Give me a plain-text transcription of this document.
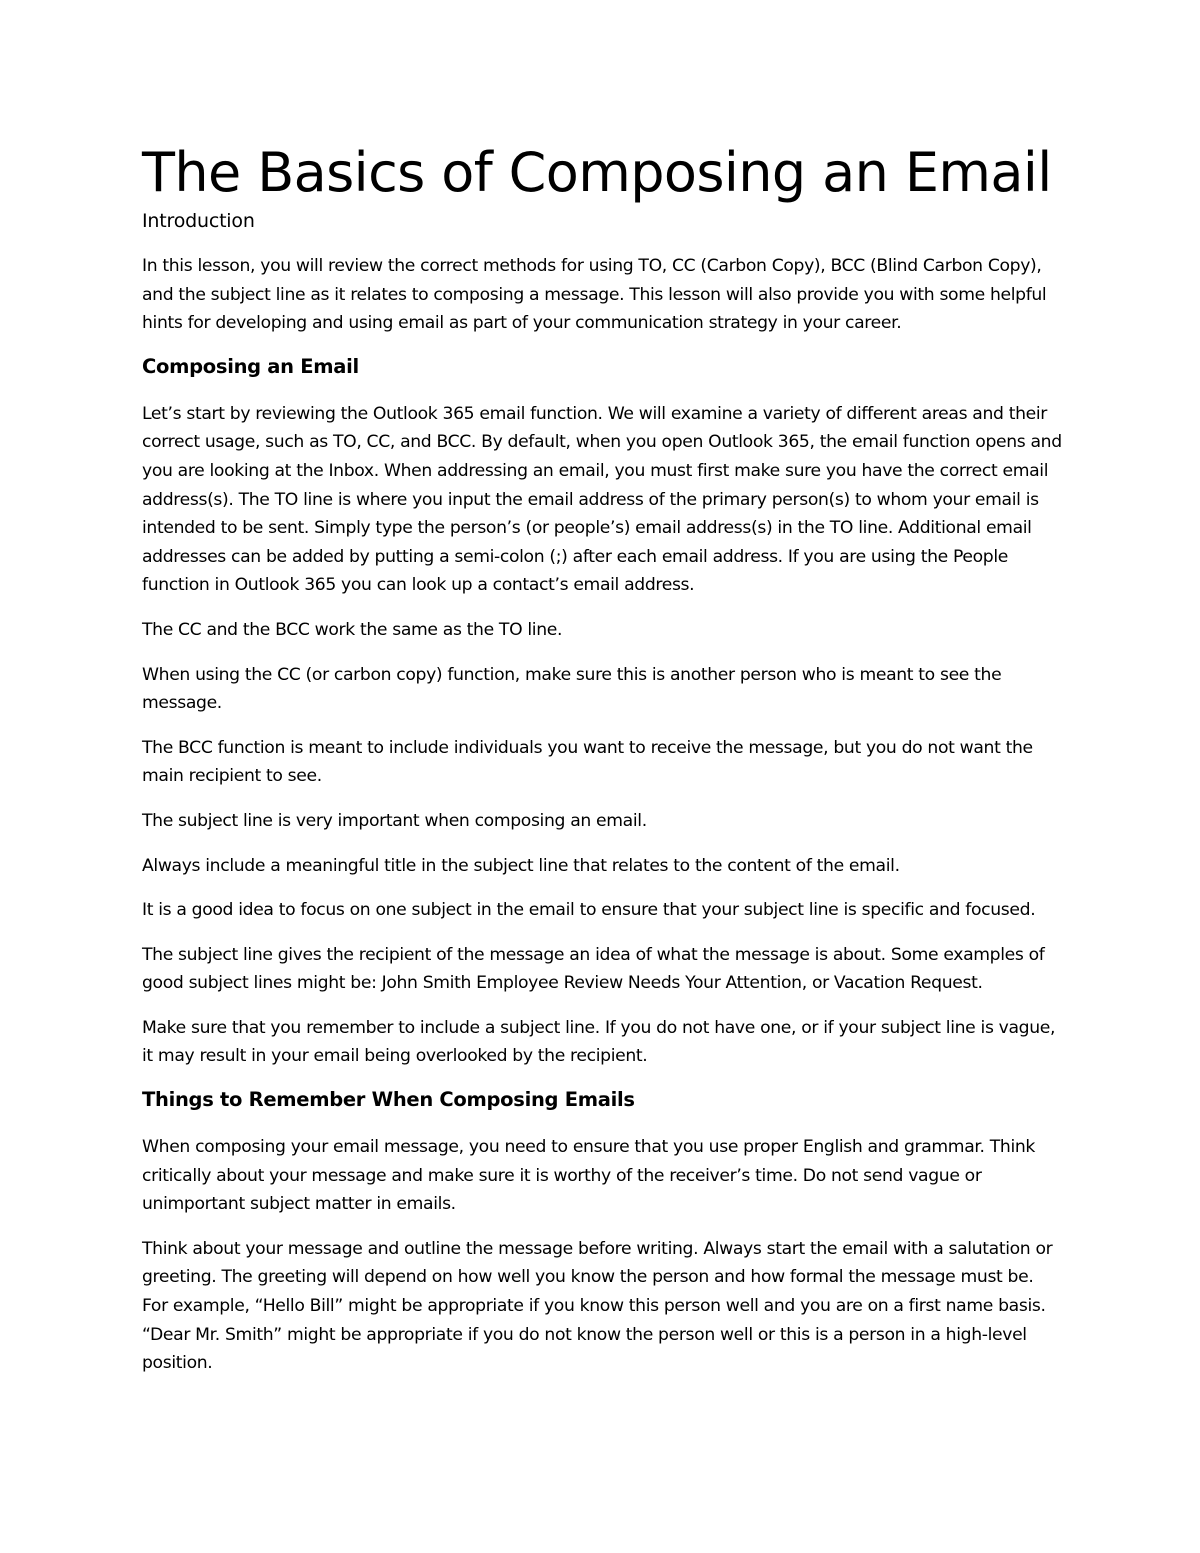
The Basics of Composing an Email
Introduction

In this lesson, you will review the correct methods for using TO, CC (Carbon Copy), BCC (Blind Carbon Copy), and the subject line as it relates to composing a message. This lesson will also provide you with some helpful hints for developing and using email as part of your communication strategy in your career.

Composing an Email

Let’s start by reviewing the Outlook 365 email function. We will examine a variety of different areas and their correct usage, such as TO, CC, and BCC. By default, when you open Outlook 365, the email function opens and you are looking at the Inbox. When addressing an email, you must first make sure you have the correct email address(s). The TO line is where you input the email address of the primary person(s) to whom your email is intended to be sent. Simply type the person’s (or people’s) email address(s) in the TO line. Additional email addresses can be added by putting a semi-colon (;) after each email address. If you are using the People function in Outlook 365 you can look up a contact’s email address.

The CC and the BCC work the same as the TO line.

When using the CC (or carbon copy) function, make sure this is another person who is meant to see the message.

The BCC function is meant to include individuals you want to receive the message, but you do not want the main recipient to see.

The subject line is very important when composing an email.

Always include a meaningful title in the subject line that relates to the content of the email.

It is a good idea to focus on one subject in the email to ensure that your subject line is specific and focused.

The subject line gives the recipient of the message an idea of what the message is about. Some examples of good subject lines might be: John Smith Employee Review Needs Your Attention, or Vacation Request.

Make sure that you remember to include a subject line. If you do not have one, or if your subject line is vague, it may result in your email being overlooked by the recipient.

Things to Remember When Composing Emails

When composing your email message, you need to ensure that you use proper English and grammar. Think critically about your message and make sure it is worthy of the receiver’s time. Do not send vague or unimportant subject matter in emails.

Think about your message and outline the message before writing. Always start the email with a salutation or greeting. The greeting will depend on how well you know the person and how formal the message must be. For example, “Hello Bill” might be appropriate if you know this person well and you are on a first name basis. “Dear Mr. Smith” might be appropriate if you do not know the person well or this is a person in a high-level position.
